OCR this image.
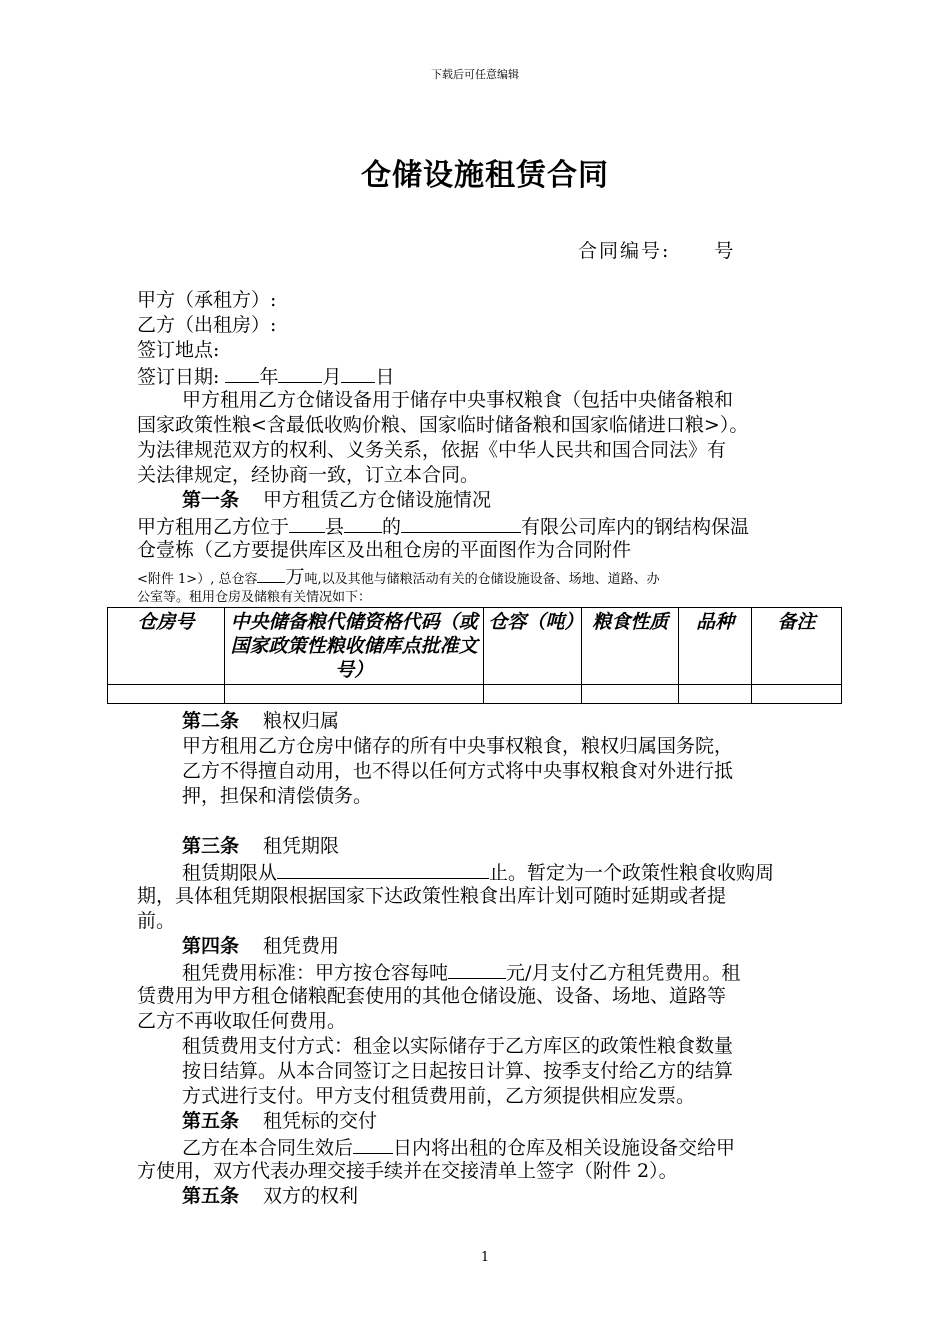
下载后可任意编辑
仓储设施租赁合同
合同编号: 号
甲方（承租方）:
乙方（出租房）:
签订地点:
签订日期: 年 月 日
甲方租用乙方仓储设备用于储存中央事权粮食（包括中央储备粮和
国家政策性粮<含最低收购价粮、国家临时储备粮和国家临储进口粮>）。
为法律规范双方的权利、义务关系，依据《中华人民共和国合同法》有
关法律规定，经协商一致，订立本合同。
第一条 甲方租赁乙方仓储设施情况
甲方租用乙方位于 县 的	有限公司库内的钢结构保温
仓壹栋（乙方要提供库区及出租仓房的平面图作为合同附件
<附件 1>）, 总仓容 万吨,以及其他与储粮活动有关的仓储设施设备、场地、道路、办
公室等。租用仓房及储粮有关情况如下：
仓房号	中央储备粮代储资格代码（或国家政策性粮收储库点批准文号）	仓容（吨）	粮食性质	品种	备注

第二条 粮权归属
甲方租用乙方仓房中储存的所有中央事权粮食，粮权归属国务院，
乙方不得擅自动用，也不得以任何方式将中央事权粮食对外进行抵
押，担保和清偿债务。
第三条 租凭期限
租赁期限从	止。暂定为一个政策性粮食收购周
期，具体租凭期限根据国家下达政策性粮食出库计划可随时延期或者提
前。
第四条 租凭费用
租凭费用标准：甲方按仓容每吨	元/月支付乙方租凭费用。租
赁费用为甲方租仓储粮配套使用的其他仓储设施、设备、场地、道路等
乙方不再收取任何费用。
租赁费用支付方式：租金以实际储存于乙方库区的政策性粮食数量
按日结算。从本合同签订之日起按日计算、按季支付给乙方的结算
方式进行支付。甲方支付租赁费用前，乙方须提供相应发票。
第五条 租凭标的交付
乙方在本合同生效后 日内将出租的仓库及相关设施设备交给甲
方使用，双方代表办理交接手续并在交接清单上签字（附件 2）。
第五条 双方的权利
1
